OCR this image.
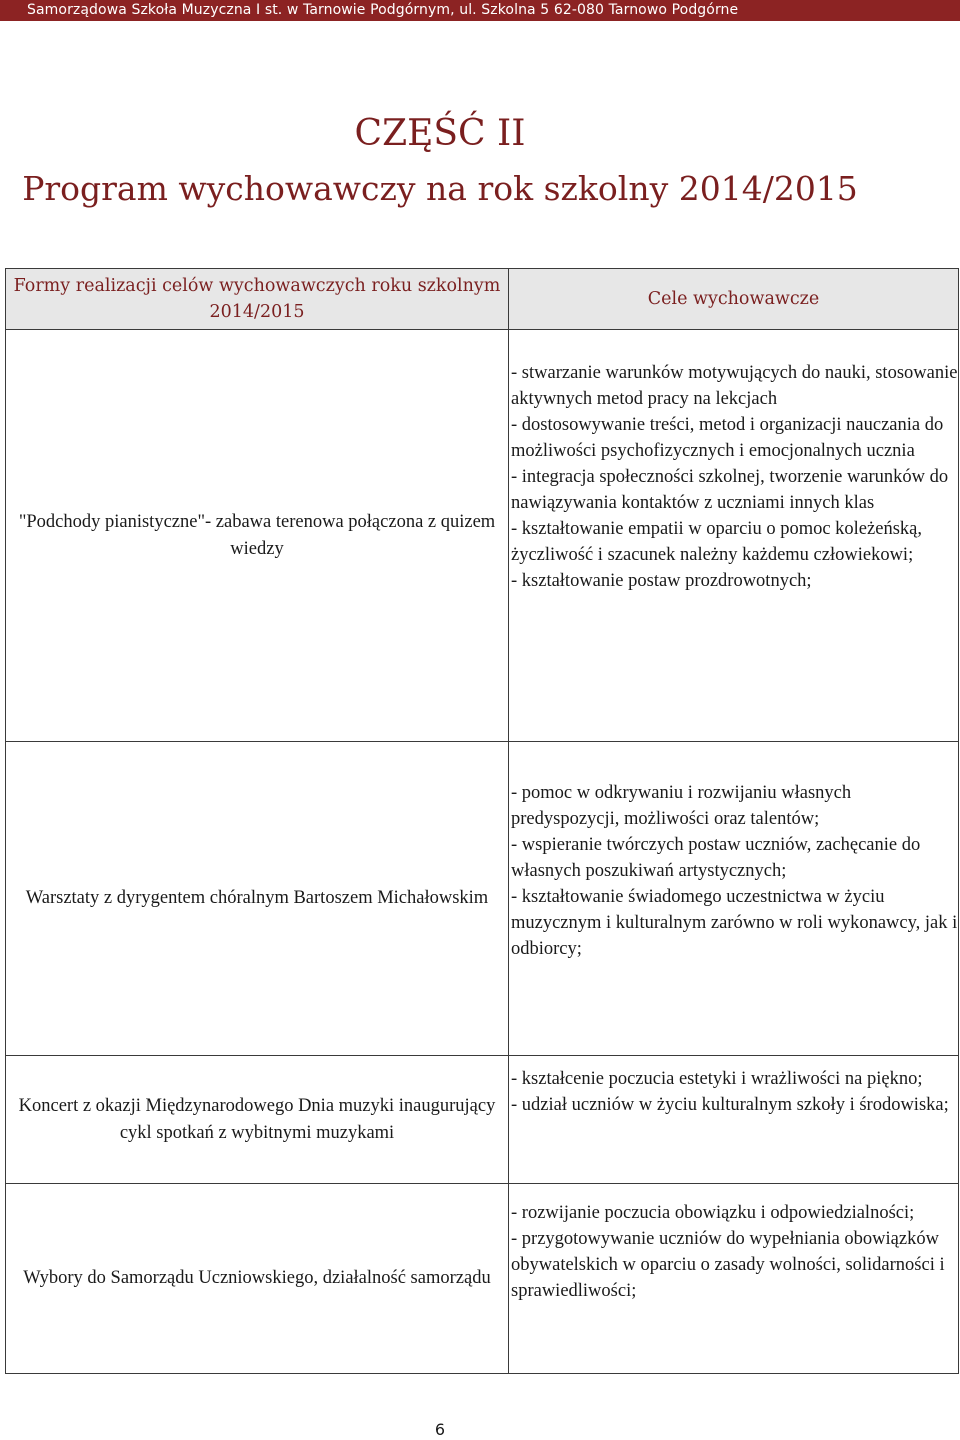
Samorządowa Szkoła Muzyczna I st. w Tarnowie Podgórnym, ul. Szkolna 5 62-080 Tarnowo Podgórne
CZĘŚĆ II
Program wychowawczy na rok szkolny 2014/2015
Formy realizacji celów wychowawczych roku szkolnym 2014/2015	Cele wychowawcze
"Podchody pianistyczne"- zabawa terenowa połączona z quizem wiedzy	- stwarzanie warunków motywujących do nauki, stosowanie aktywnych metod pracy na lekcjach
- dostosowywanie treści, metod i organizacji nauczania do możliwości psychofizycznych i emocjonalnych ucznia
- integracja społeczności szkolnej, tworzenie warunków do nawiązywania kontaktów z uczniami innych klas
- kształtowanie empatii w oparciu o pomoc koleżeńską, życzliwość i szacunek należny każdemu człowiekowi;
- kształtowanie postaw prozdrowotnych;

Warsztaty z dyrygentem chóralnym Bartoszem Michałowskim	- pomoc w odkrywaniu i rozwijaniu własnych predyspozycji, możliwości oraz talentów;
- wspieranie twórczych postaw uczniów, zachęcanie do własnych poszukiwań artystycznych;
- kształtowanie świadomego uczestnictwa w życiu muzycznym i kulturalnym zarówno w roli wykonawcy, jak i odbiorcy;

Koncert z okazji Międzynarodowego Dnia muzyki inaugurujący cykl spotkań z wybitnymi muzykami	- kształcenie poczucia estetyki i wrażliwości na piękno;
- udział uczniów w życiu kulturalnym szkoły i środowiska;

Wybory do Samorządu Uczniowskiego, działalność samorządu	- rozwijanie poczucia obowiązku i odpowiedzialności;
- przygotowywanie uczniów do wypełniania obowiązków obywatelskich w oparciu o zasady wolności, solidarności i sprawiedliwości;
6
